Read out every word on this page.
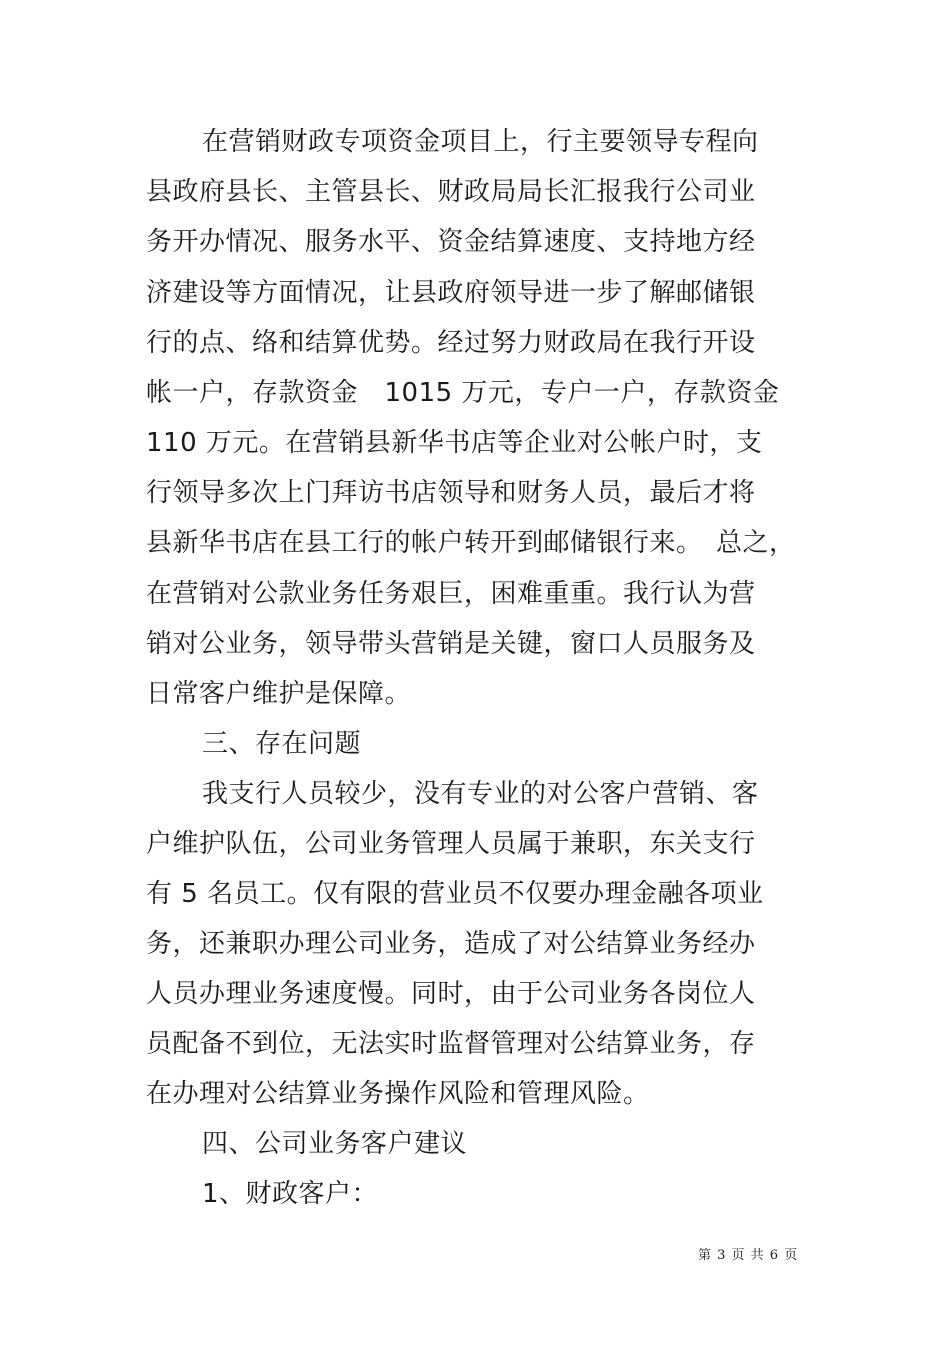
在营销财政专项资金项目上，行主要领导专程向
县政府县长、主管县长、财政局局长汇报我行公司业
务开办情况、服务水平、资金结算速度、支持地方经
济建设等方面情况，让县政府领导进一步了解邮储银
行的点、络和结算优势。经过努力财政局在我行开设
帐一户，存款资金　1015 万元，专户一户，存款资金
110 万元。在营销县新华书店等企业对公帐户时，支
行领导多次上门拜访书店领导和财务人员，最后才将
县新华书店在县工行的帐户转开到邮储银行来。　总之，
在营销对公款业务任务艰巨，困难重重。我行认为营
销对公业务，领导带头营销是关键，窗口人员服务及
日常客户维护是保障。
三、存在问题
我支行人员较少，没有专业的对公客户营销、客
户维护队伍，公司业务管理人员属于兼职，东关支行
有 5 名员工。仅有限的营业员不仅要办理金融各项业
务，还兼职办理公司业务，造成了对公结算业务经办
人员办理业务速度慢。同时，由于公司业务各岗位人
员配备不到位，无法实时监督管理对公结算业务，存
在办理对公结算业务操作风险和管理风险。
四、公司业务客户建议
1、财政客户：
第 3 页 共 6 页
